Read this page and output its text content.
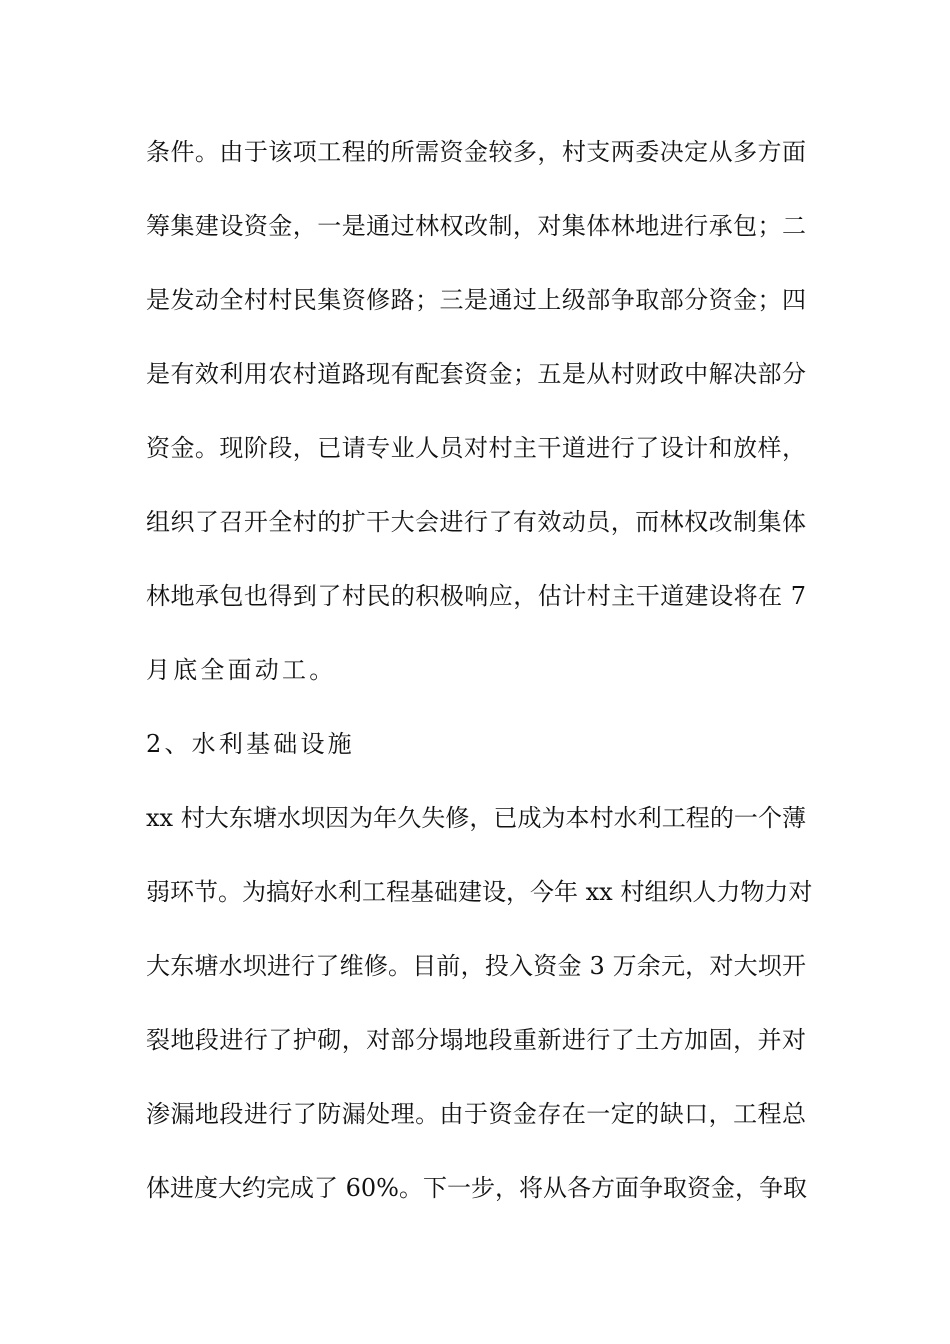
条件。由于该项工程的所需资金较多，村支两委决定从多方面
筹集建设资金，一是通过林权改制，对集体林地进行承包；二
是发动全村村民集资修路；三是通过上级部争取部分资金；四
是有效利用农村道路现有配套资金；五是从村财政中解决部分
资金。现阶段，已请专业人员对村主干道进行了设计和放样，
组织了召开全村的扩干大会进行了有效动员，而林权改制集体
林地承包也得到了村民的积极响应，估计村主干道建设将在 7
月底全面动工。
2、水利基础设施
xx 村大东塘水坝因为年久失修，已成为本村水利工程的一个薄
弱环节。为搞好水利工程基础建设，今年 xx 村组织人力物力对
大东塘水坝进行了维修。目前，投入资金 3 万余元，对大坝开
裂地段进行了护砌，对部分塌地段重新进行了土方加固，并对
渗漏地段进行了防漏处理。由于资金存在一定的缺口，工程总
体进度大约完成了 60%。下一步，将从各方面争取资金，争取
